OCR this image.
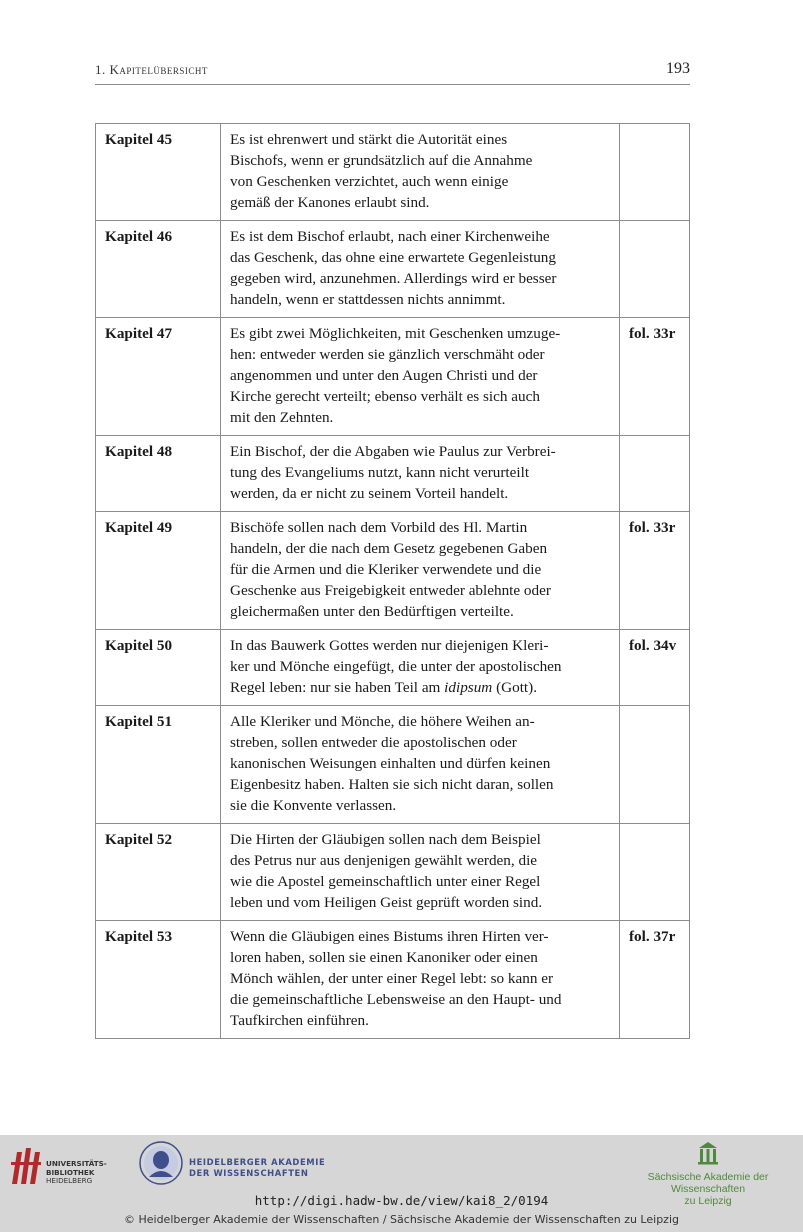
1. Kapitelübersicht	193
Kapitel 45	Es ist ehrenwert und stärkt die Autorität eines
Bischofs, wenn er grundsätzlich auf die Annahme
von Geschenken verzichtet, auch wenn einige
gemäß der Kanones erlaubt sind.	

Kapitel 46	Es ist dem Bischof erlaubt, nach einer Kirchenweihe
das Geschenk, das ohne eine erwartete Gegenleistung
gegeben wird, anzunehmen. Allerdings wird er besser
handeln, wenn er stattdessen nichts annimmt.	

Kapitel 47	Es gibt zwei Möglichkeiten, mit Geschenken umzuge-
hen: entweder werden sie gänzlich verschmäht oder
angenommen und unter den Augen Christi und der
Kirche gerecht verteilt; ebenso verhält es sich auch
mit den Zehnten.	fol. 33r
Kapitel 48	Ein Bischof, der die Abgaben wie Paulus zur Verbrei-
tung des Evangeliums nutzt, kann nicht verurteilt
werden, da er nicht zu seinem Vorteil handelt.	

Kapitel 49	Bischöfe sollen nach dem Vorbild des Hl. Martin
handeln, der die nach dem Gesetz gegebenen Gaben
für die Armen und die Kleriker verwendete und die
Geschenke aus Freigebigkeit entweder ablehnte oder
gleichermaßen unter den Bedürftigen verteilte.	fol. 33r
Kapitel 50	In das Bauwerk Gottes werden nur diejenigen Kleri-
ker und Mönche eingefügt, die unter der apostolischen
Regel leben: nur sie haben Teil am idipsum (Gott).	fol. 34v
Kapitel 51	Alle Kleriker und Mönche, die höhere Weihen an-
streben, sollen entweder die apostolischen oder
kanonischen Weisungen einhalten und dürfen keinen
Eigenbesitz haben. Halten sie sich nicht daran, sollen
sie die Konvente verlassen.	

Kapitel 52	Die Hirten der Gläubigen sollen nach dem Beispiel
des Petrus nur aus denjenigen gewählt werden, die
wie die Apostel gemeinschaftlich unter einer Regel
leben und vom Heiligen Geist geprüft worden sind.	

Kapitel 53	Wenn die Gläubigen eines Bistums ihren Hirten ver-
loren haben, sollen sie einen Kanoniker oder einen
Mönch wählen, der unter einer Regel lebt: so kann er
die gemeinschaftliche Lebensweise an den Haupt- und
Taufkirchen einführen.	fol. 37r
UNIVERSITÄTS-
BIBLIOTHEK
HEIDELBERG
HEIDELBERGER AKADEMIE
DER WISSENSCHAFTEN	Sächsische Akademie der Wissenschaften
zu Leipzig
http://digi.hadw-bw.de/view/kai8_2/0194
© Heidelberger Akademie der Wissenschaften / Sächsische Akademie der Wissenschaften zu Leipzig
